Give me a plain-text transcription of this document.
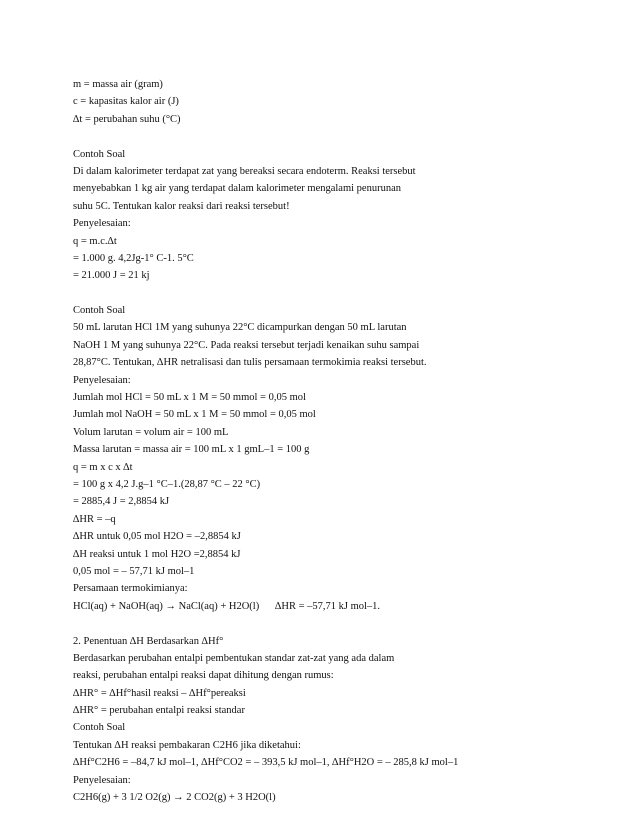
m = massa air (gram)
c = kapasitas kalor air (J)
∆t = perubahan suhu (°C)
Contoh Soal
Di dalam kalorimeter terdapat zat yang bereaksi secara endoterm. Reaksi tersebut
menyebabkan 1 kg air yang terdapat dalam kalorimeter mengalami penurunan
suhu 5C. Tentukan kalor reaksi dari reaksi tersebut!
Penyelesaian:
q = m.c.∆t
= 1.000 g. 4,2Jg-1° C-1. 5°C
= 21.000 J = 21 kj
Contoh Soal
50 mL larutan HCl 1M yang suhunya 22°C dicampurkan dengan 50 mL larutan
NaOH 1 M yang suhunya 22°C. Pada reaksi tersebut terjadi kenaikan suhu sampai
28,87°C. Tentukan, ∆HR netralisasi dan tulis persamaan termokimia reaksi tersebut.
Penyelesaian:
Jumlah mol HCl = 50 mL x 1 M = 50 mmol = 0,05 mol
Jumlah mol NaOH = 50 mL x 1 M = 50 mmol = 0,05 mol
Volum larutan = volum air = 100 mL
Massa larutan = massa air = 100 mL x 1 gmL–1 = 100 g
q = m x c x ∆t
= 100 g x 4,2 J.g–1 °C–1.(28,87 °C – 22 °C)
= 2885,4 J = 2,8854 kJ
∆HR = –q
∆HR untuk 0,05 mol H2O = –2,8854 kJ
∆H reaksi untuk 1 mol H2O =2,8854 kJ
0,05 mol = – 57,71 kJ mol–1
Persamaan termokimianya:
HCl(aq) + NaOH(aq) → NaCl(aq) + H2O(l)      ∆HR = –57,71 kJ mol–1.
2. Penentuan ∆H Berdasarkan ∆Hf°
Berdasarkan perubahan entalpi pembentukan standar zat-zat yang ada dalam
reaksi, perubahan entalpi reaksi dapat dihitung dengan rumus:
∆HR° = ∆Hf°hasil reaksi – ∆Hf°pereaksi
∆HR° = perubahan entalpi reaksi standar
Contoh Soal
Tentukan ∆H reaksi pembakaran C2H6 jika diketahui:
∆Hf°C2H6 = –84,7 kJ mol–1, ∆Hf°CO2 = – 393,5 kJ mol–1, ∆Hf°H2O = – 285,8 kJ mol–1
Penyelesaian:
C2H6(g) + 3 1/2 O2(g) → 2 CO2(g) + 3 H2O(l)
